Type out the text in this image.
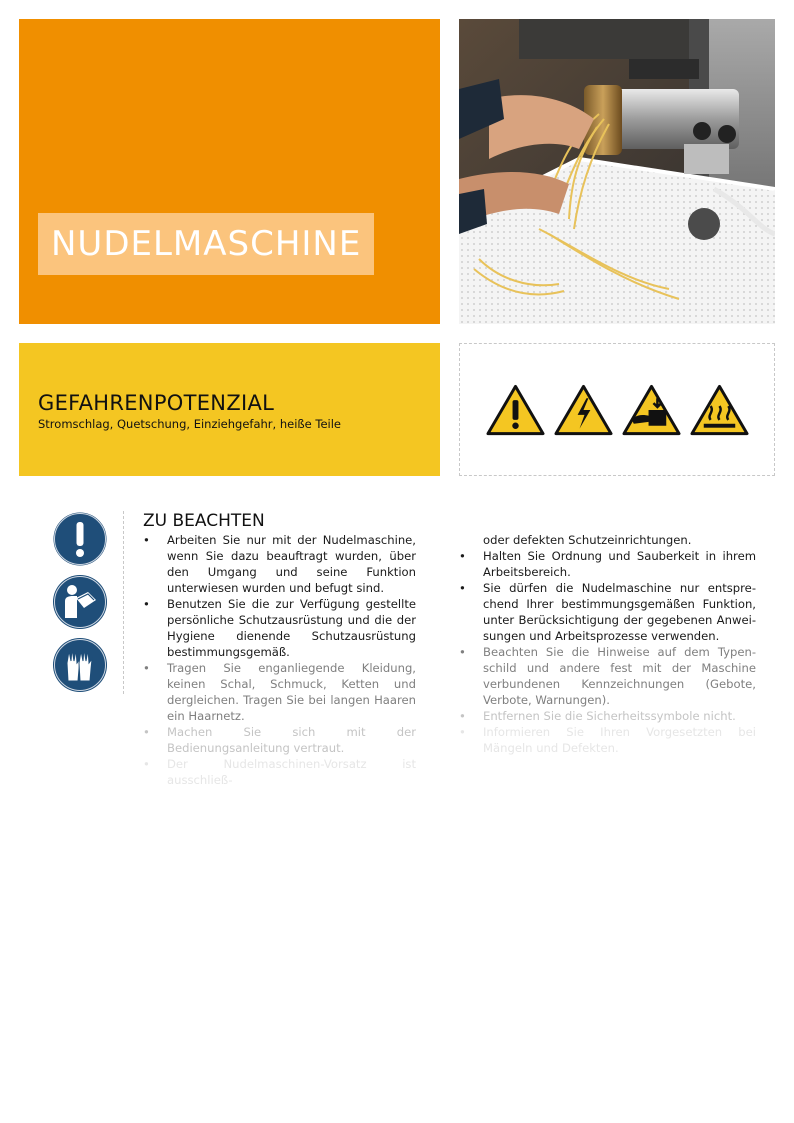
NUDELMASCHINE
GEFAHRENPOTENZIAL
Stromschlag, Quetschung, Einziehgefahr, heiße Teile
ZU BEACHTEN
• Arbeiten Sie nur mit der Nudelmaschine, wenn Sie dazu beauftragt wurden, über den Umgang und seine Funktion unterwiesen wurden und befugt sind.
• Benutzen Sie die zur Verfügung gestellte persönliche Schutzausrüstung und die der Hygiene dienende Schutzausrüstung bestimmungsgemäß.
• Tragen Sie enganliegende Kleidung, keinen Schal, Schmuck, Ketten und dergleichen. Tragen Sie bei langen Haaren ein Haarnetz.
• Machen Sie sich mit der Bedienungsanleitung vertraut.
• Der Nudelmaschinen-Vorsatz ist ausschließ-
oder defekten Schutzeinrichtungen.
• Halten Sie Ordnung und Sauberkeit in ihrem Arbeitsbereich.
• Sie dürfen die Nudelmaschine nur entsprechend Ihrer bestimmungsgemäßen Funktion, unter Berücksichtigung der gegebenen Anweisungen und Arbeitsprozesse verwenden.
• Beachten Sie die Hinweise auf dem Typenschild und andere fest mit der Maschine verbundenen Kennzeichnungen (Gebote, Verbote, Warnungen).
• Entfernen Sie die Sicherheitssymbole nicht.
• Informieren Sie Ihren Vorgesetzten bei Mängeln und Defekten.
